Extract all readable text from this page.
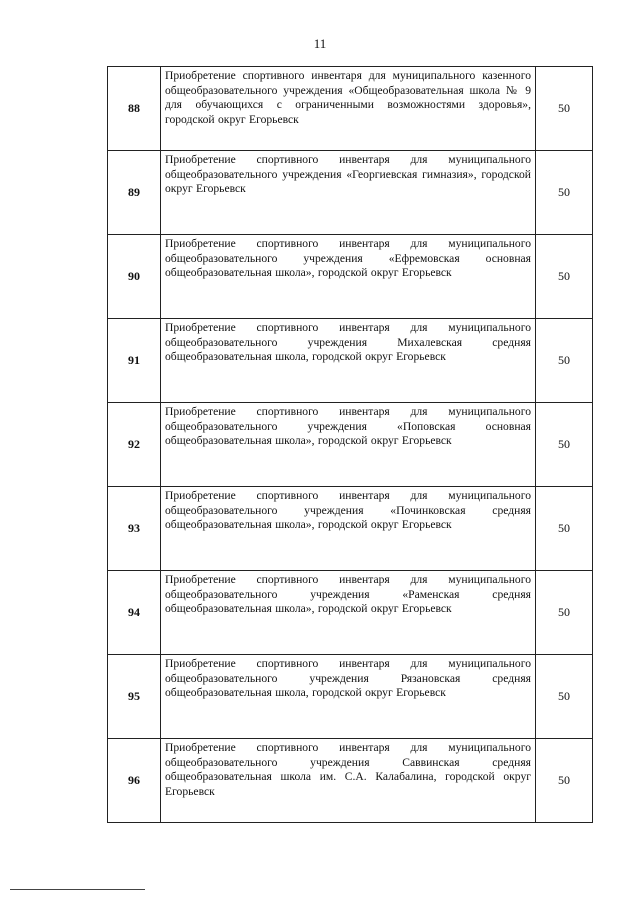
11
88	Приобретение спортивного инвентаря для муниципального казенного общеобразовательного учреждения «Общеобразовательная школа № 9 для обучающихся с ограниченными возможностями здоровья», городской округ Егорьевск	50
89	Приобретение спортивного инвентаря для муниципального общеобразовательного учреждения «Георгиевская гимназия», городской округ Егорьевск	50
90	Приобретение спортивного инвентаря для муниципального общеобразовательного учреждения «Ефремовская основная общеобразовательная школа», городской округ Егорьевск	50
91	Приобретение спортивного инвентаря для муниципального общеобразовательного учреждения Михалевская средняя общеобразовательная школа, городской округ Егорьевск	50
92	Приобретение спортивного инвентаря для муниципального общеобразовательного учреждения «Поповская основная общеобразовательная школа», городской округ Егорьевск	50
93	Приобретение спортивного инвентаря для муниципального общеобразовательного учреждения «Починковская средняя общеобразовательная школа», городской округ Егорьевск	50
94	Приобретение спортивного инвентаря для муниципального общеобразовательного учреждения «Раменская средняя общеобразовательная школа», городской округ Егорьевск	50
95	Приобретение спортивного инвентаря для муниципального общеобразовательного учреждения Рязановская средняя общеобразовательная школа, городской округ Егорьевск	50
96	Приобретение спортивного инвентаря для муниципального общеобразовательного учреждения Саввинская средняя общеобразовательная школа им. С.А. Калабалина, городской округ Егорьевск	50
